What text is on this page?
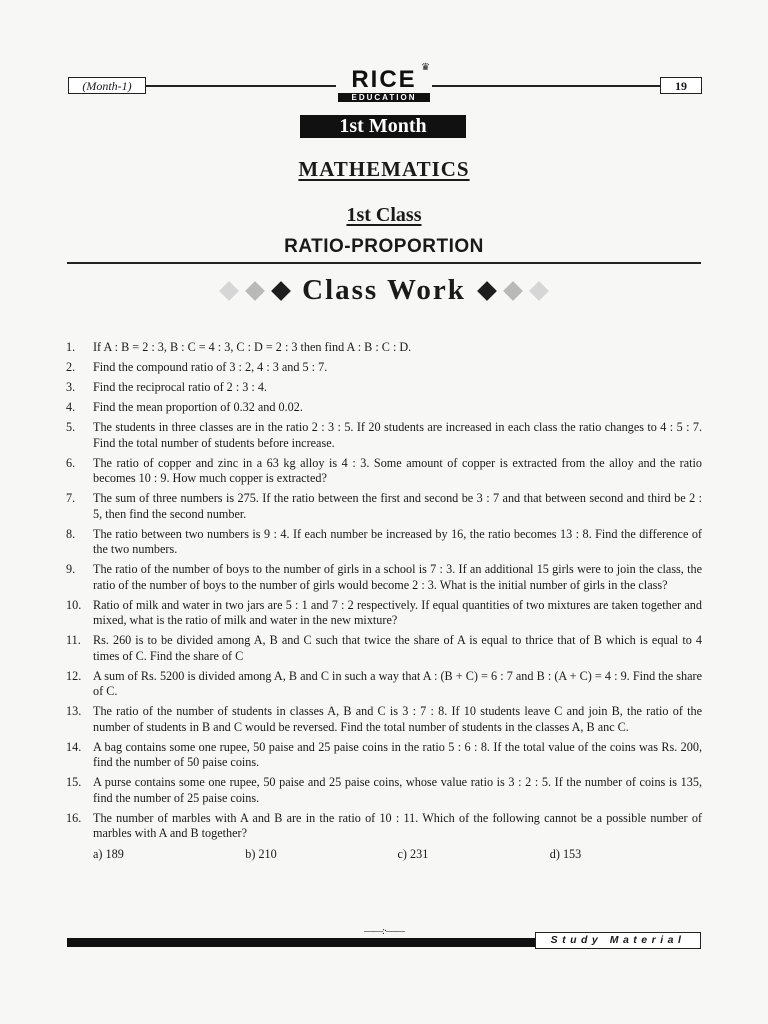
(Month-1)
♛
RICE
EDUCATION
19
1st Month
MATHEMATICS
1st Class
RATIO-PROPORTION
Class Work
1. If A : B = 2 : 3, B : C = 4 : 3, C : D = 2 : 3 then find A : B : C : D.
2. Find the compound ratio of 3 : 2, 4 : 3 and 5 : 7.
3. Find the reciprocal ratio of 2 : 3 : 4.
4. Find the mean proportion of 0.32 and 0.02.
5. The students in three classes are in the ratio 2 : 3 : 5. If 20 students are increased in each class the ratio changes to 4 : 5 : 7. Find the total number of students before increase.
6. The ratio of copper and zinc in a 63 kg alloy is 4 : 3. Some amount of copper is extracted from the alloy and the ratio becomes 10 : 9. How much copper is extracted?
7. The sum of three numbers is 275. If the ratio between the first and second be 3 : 7 and that between second and third be 2 : 5, then find the second number.
8. The ratio between two numbers is 9 : 4. If each number be increased by 16, the ratio becomes 13 : 8. Find the difference of the two numbers.
9. The ratio of the number of boys to the number of girls in a school is 7 : 3. If an additional 15 girls were to join the class, the ratio of the number of boys to the number of girls would become 2 : 3. What is the initial number of girls in the class?
10. Ratio of milk and water in two jars are 5 : 1 and 7 : 2 respectively. If equal quantities of two mixtures are taken together and mixed, what is the ratio of milk and water in the new mixture?
11. Rs. 260 is to be divided among A, B and C such that twice the share of A is equal to thrice that of B which is equal to 4 times of C. Find the share of C
12. A sum of Rs. 5200 is divided among A, B and C in such a way that A : (B + C) = 6 : 7 and B : (A + C) = 4 : 9. Find the share of C.
13. The ratio of the number of students in classes A, B and C is 3 : 7 : 8. If 10 students leave C and join B, the ratio of the number of students in B and C would be reversed. Find the total number of students in the classes A, B anc C.
14. A bag contains some one rupee, 50 paise and 25 paise coins in the ratio 5 : 6 : 8. If the total value of the coins was Rs. 200, find the number of 50 paise coins.
15. A purse contains some one rupee, 50 paise and 25 paise coins, whose value ratio is 3 : 2 : 5. If the number of coins is 135, find the number of 25 paise coins.
16. The number of marbles with A and B are in the ratio of 10 : 11. Which of the following cannot be a possible number of marbles with A and B together?
a) 189	b) 210	c) 231	d) 153
——:·——
Study Material
